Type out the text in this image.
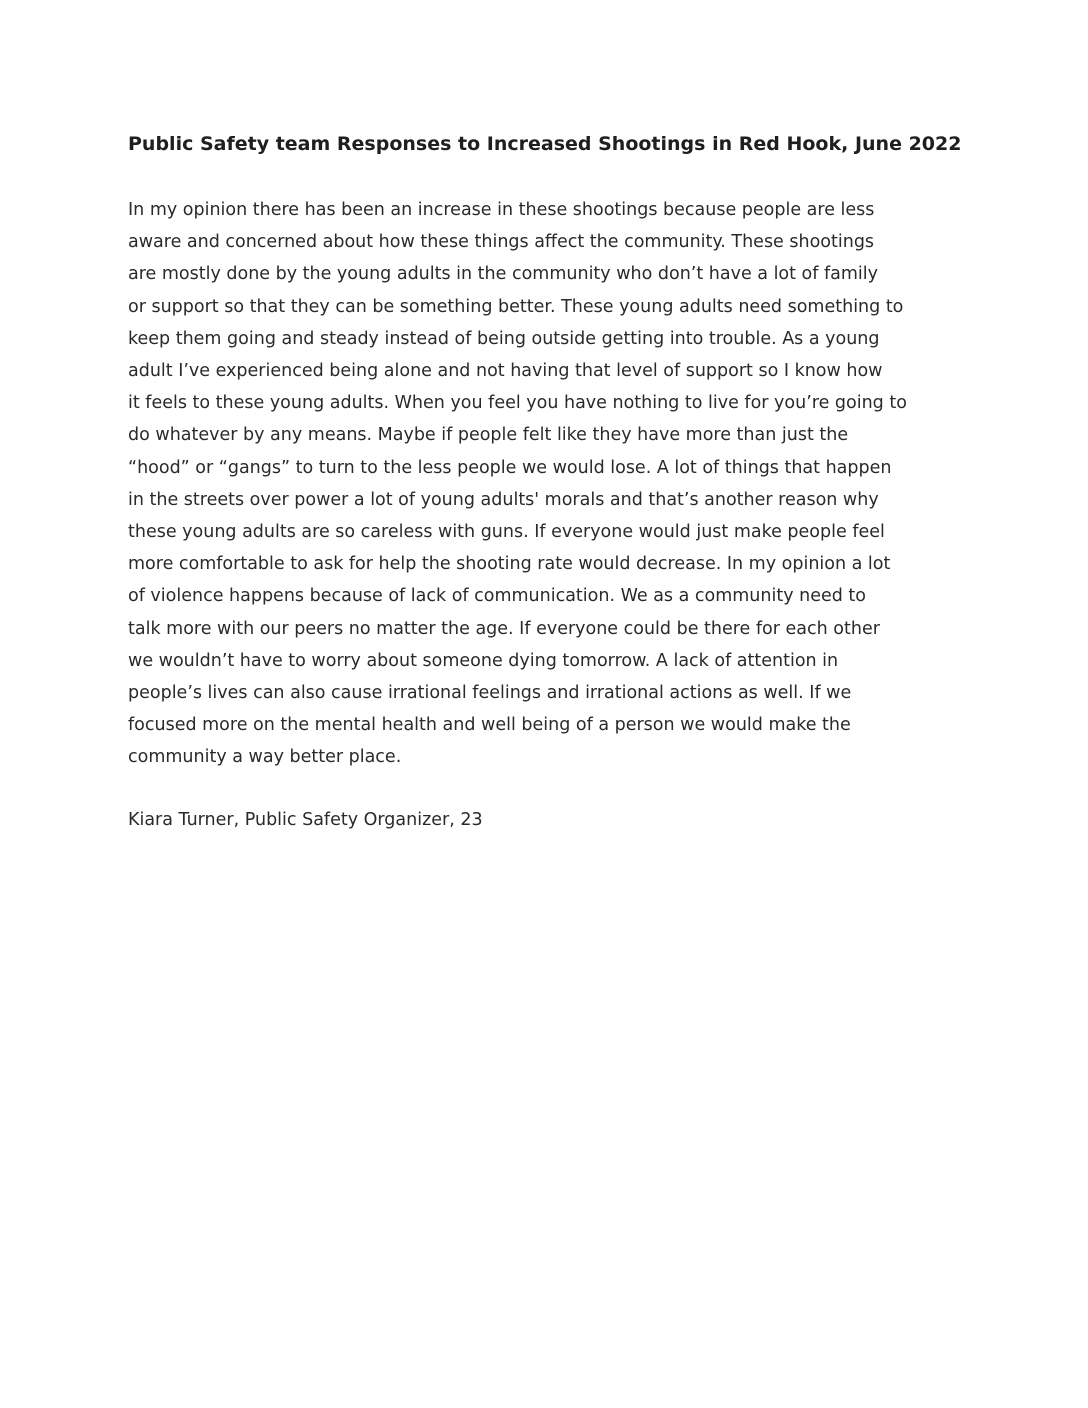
Public Safety team Responses to Increased Shootings in Red Hook, June 2022

In my opinion there has been an increase in these shootings because people are less
aware and concerned about how these things affect the community. These shootings
are mostly done by the young adults in the community who don’t have a lot of family
or support so that they can be something better. These young adults need something to
keep them going and steady instead of being outside getting into trouble. As a young
adult I’ve experienced being alone and not having that level of support so I know how
it feels to these young adults. When you feel you have nothing to live for you’re going to
do whatever by any means. Maybe if people felt like they have more than just the
“hood” or “gangs” to turn to the less people we would lose. A lot of things that happen
in the streets over power a lot of young adults' morals and that’s another reason why
these young adults are so careless with guns. If everyone would just make people feel
more comfortable to ask for help the shooting rate would decrease. In my opinion a lot
of violence happens because of lack of communication. We as a community need to
talk more with our peers no matter the age. If everyone could be there for each other
we wouldn’t have to worry about someone dying tomorrow. A lack of attention in
people’s lives can also cause irrational feelings and irrational actions as well. If we
focused more on the mental health and well being of a person we would make the
community a way better place.

Kiara Turner, Public Safety Organizer, 23
